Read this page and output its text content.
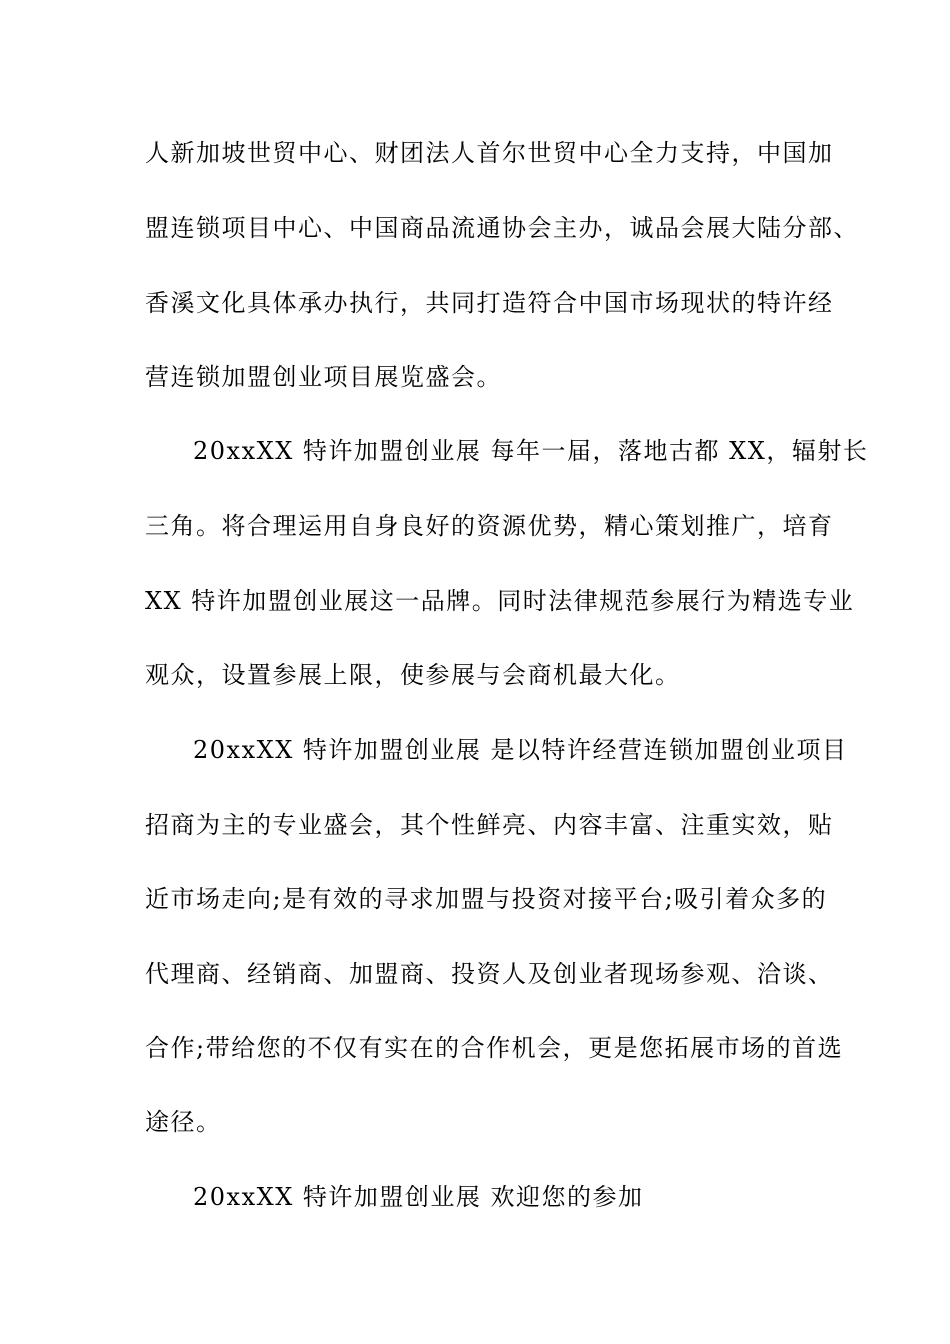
人新加坡世贸中心、财团法人首尔世贸中心全力支持，中国加
盟连锁项目中心、中国商品流通协会主办，诚品会展大陆分部、
香溪文化具体承办执行，共同打造符合中国市场现状的特许经
营连锁加盟创业项目展览盛会。
20xxXX 特许加盟创业展 每年一届，落地古都 XX，辐射长
三角。将合理运用自身良好的资源优势，精心策划推广，培育
XX 特许加盟创业展这一品牌。同时法律规范参展行为精选专业
观众，设置参展上限，使参展与会商机最大化。
20xxXX 特许加盟创业展 是以特许经营连锁加盟创业项目
招商为主的专业盛会，其个性鲜亮、内容丰富、注重实效，贴
近市场走向;是有效的寻求加盟与投资对接平台;吸引着众多的
代理商、经销商、加盟商、投资人及创业者现场参观、洽谈、
合作;带给您的不仅有实在的合作机会，更是您拓展市场的首选
途径。
20xxXX 特许加盟创业展 欢迎您的参加
